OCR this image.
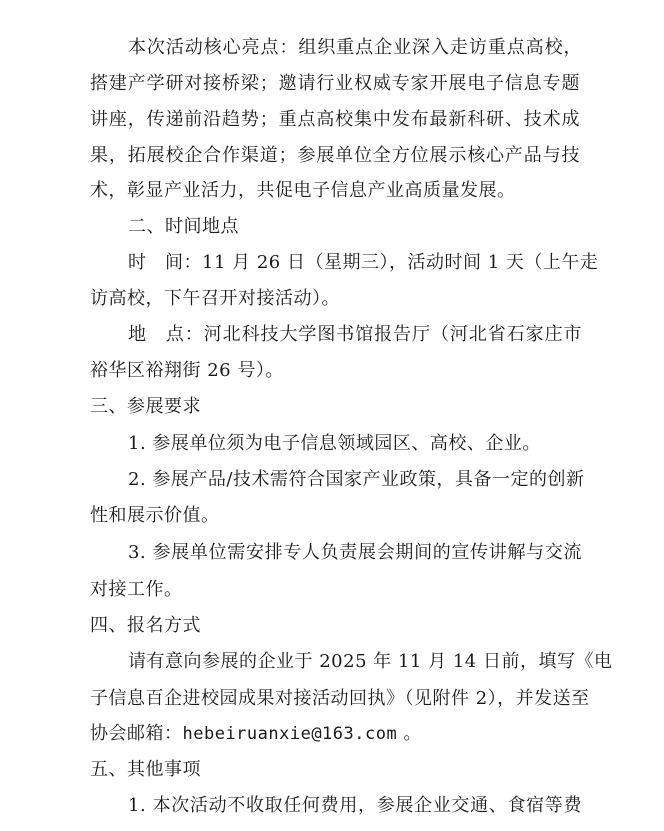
本次活动核心亮点：组织重点企业深入走访重点高校，
搭建产学研对接桥梁；邀请行业权威专家开展电子信息专题
讲座，传递前沿趋势；重点高校集中发布最新科研、技术成
果，拓展校企合作渠道；参展单位全方位展示核心产品与技
术，彰显产业活力，共促电子信息产业高质量发展。
二、时间地点
时　间：11 月 26 日（星期三），活动时间 1 天（上午走
访高校，下午召开对接活动）。
地　点：河北科技大学图书馆报告厅（河北省石家庄市
裕华区裕翔街 26 号）。
三、参展要求
1. 参展单位须为电子信息领域园区、高校、企业。
2. 参展产品/技术需符合国家产业政策，具备一定的创新
性和展示价值。
3. 参展单位需安排专人负责展会期间的宣传讲解与交流
对接工作。
四、报名方式
请有意向参展的企业于 2025 年 11 月 14 日前，填写《电
子信息百企进校园成果对接活动回执》（见附件 2），并发送至
协会邮箱：hebeiruanxie@163.com 。
五、其他事项
1. 本次活动不收取任何费用，参展企业交通、食宿等费
